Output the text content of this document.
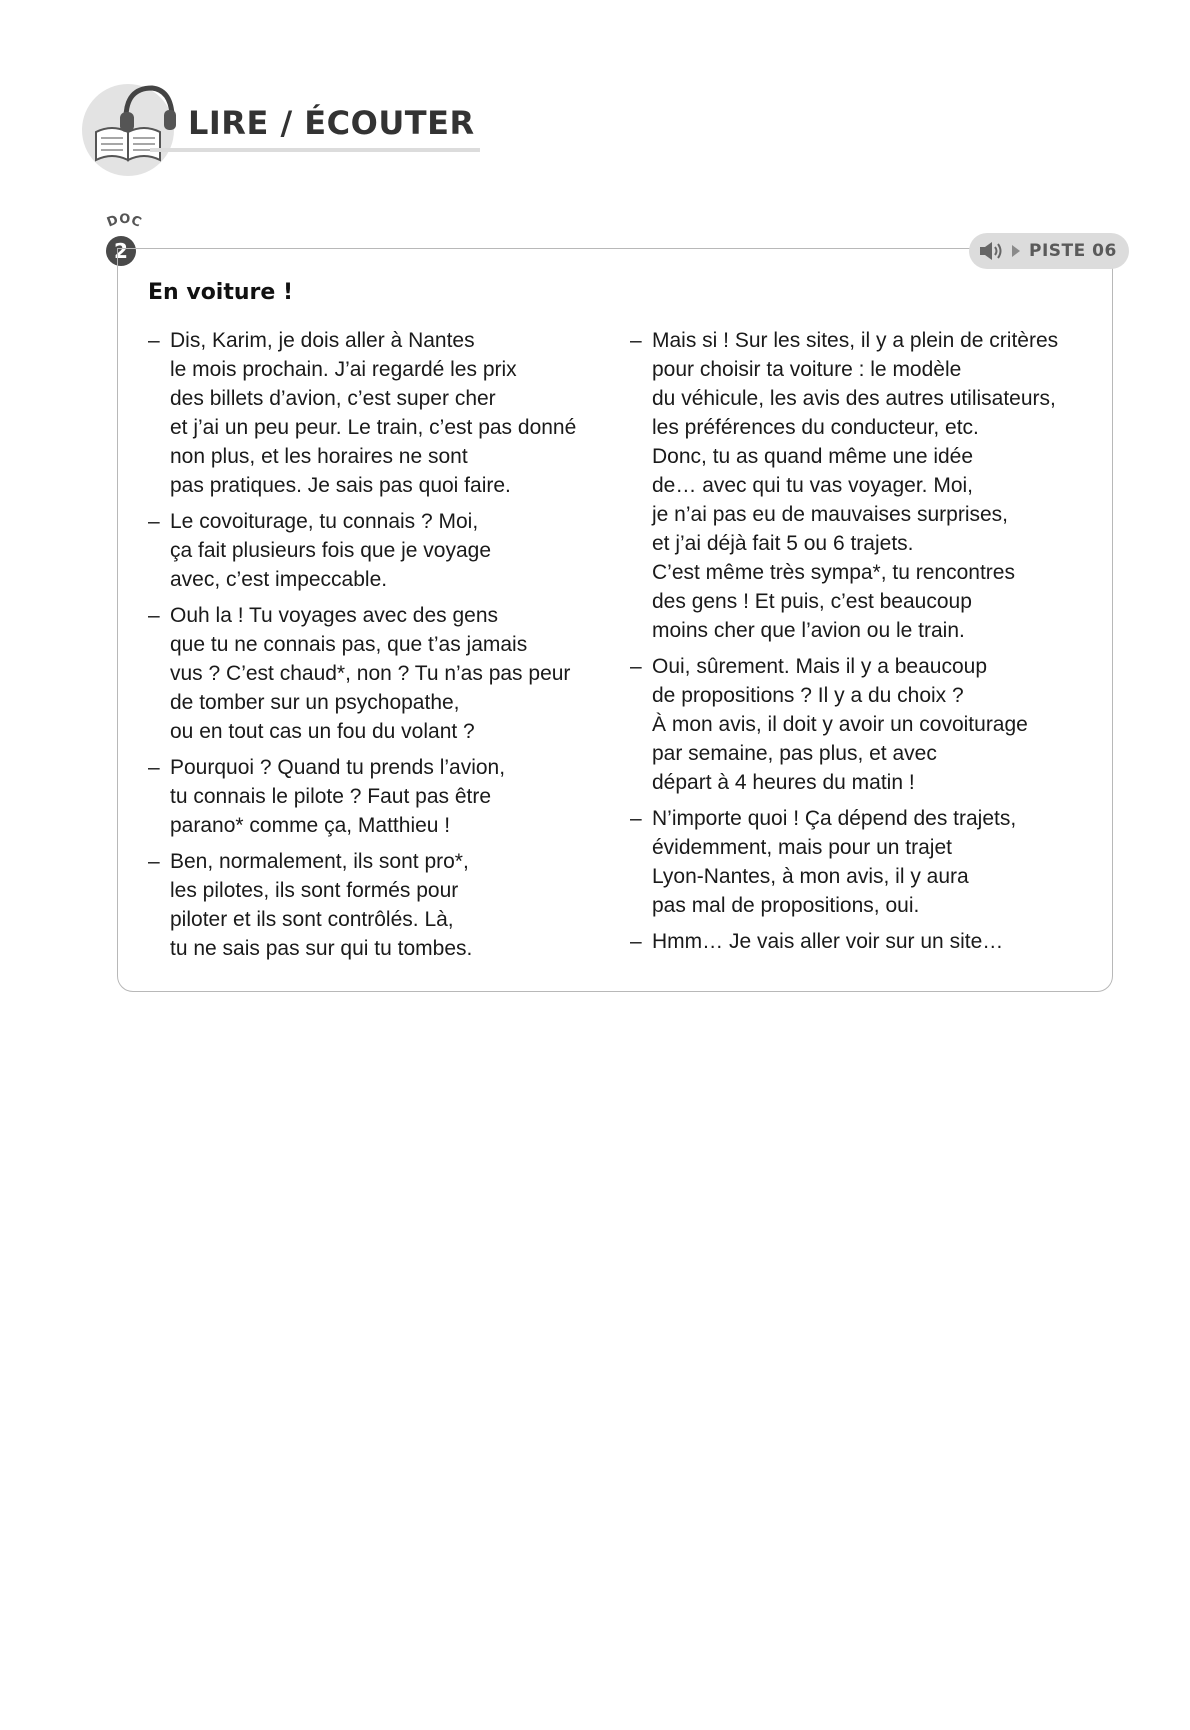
LIRE / ÉCOUTER
DOC
2	PISTE 06
En voiture !
– Dis, Karim, je dois aller à Nantes
le mois prochain. J’ai regardé les prix
des billets d’avion, c’est super cher
et j’ai un peu peur. Le train, c’est pas donné
non plus, et les horaires ne sont
pas pratiques. Je sais pas quoi faire.
– Le covoiturage, tu connais ? Moi,
ça fait plusieurs fois que je voyage
avec, c’est impeccable.
– Ouh la ! Tu voyages avec des gens
que tu ne connais pas, que t’as jamais
vus ? C’est chaud*, non ? Tu n’as pas peur
de tomber sur un psychopathe,
ou en tout cas un fou du volant ?
– Pourquoi ? Quand tu prends l’avion,
tu connais le pilote ? Faut pas être
parano* comme ça, Matthieu !
– Ben, normalement, ils sont pro*,
les pilotes, ils sont formés pour
piloter et ils sont contrôlés. Là,
tu ne sais pas sur qui tu tombes.
– Mais si ! Sur les sites, il y a plein de critères
pour choisir ta voiture : le modèle
du véhicule, les avis des autres utilisateurs,
les préférences du conducteur, etc.
Donc, tu as quand même une idée
de… avec qui tu vas voyager. Moi,
je n’ai pas eu de mauvaises surprises,
et j’ai déjà fait 5 ou 6 trajets.
C’est même très sympa*, tu rencontres
des gens ! Et puis, c’est beaucoup
moins cher que l’avion ou le train.
– Oui, sûrement. Mais il y a beaucoup
de propositions ? Il y a du choix ?
À mon avis, il doit y avoir un covoiturage
par semaine, pas plus, et avec
départ à 4 heures du matin !
– N’importe quoi ! Ça dépend des trajets,
évidemment, mais pour un trajet
Lyon-Nantes, à mon avis, il y aura
pas mal de propositions, oui.
– Hmm… Je vais aller voir sur un site…
